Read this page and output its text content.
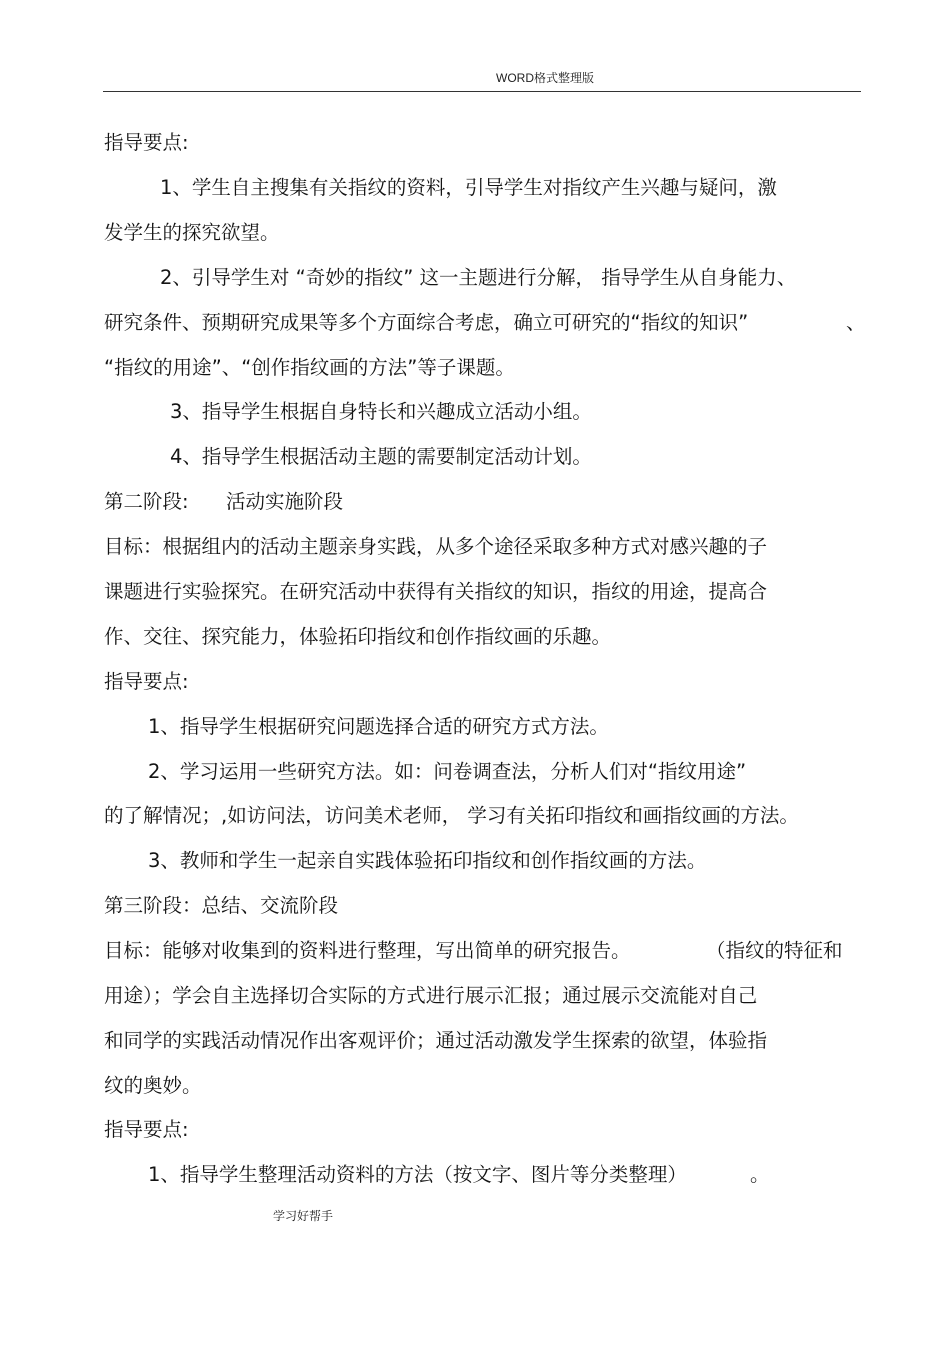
WORD格式整理版
指导要点:
1、学生自主搜集有关指纹的资料，引导学生对指纹产生兴趣与疑问，激
发学生的探究欲望。
2、引导学生对 “奇妙的指纹” 这一主题进行分解， 指导学生从自身能力、
研究条件、预期研究成果等多个方面综合考虑，确立可研究的“指纹的知识”	、
“指纹的用途”、“创作指纹画的方法”等子课题。
3、指导学生根据自身特长和兴趣成立活动小组。
4、指导学生根据活动主题的需要制定活动计划。
第二阶段: 活动实施阶段
目标：根据组内的活动主题亲身实践，从多个途径采取多种方式对感兴趣的子
课题进行实验探究。在研究活动中获得有关指纹的知识，指纹的用途，提高合
作、交往、探究能力，体验拓印指纹和创作指纹画的乐趣。
指导要点:
1、指导学生根据研究问题选择合适的研究方式方法。
2、学习运用一些研究方法。如：问卷调查法，分析人们对“指纹用途”
的了解情况；,如访问法，访问美术老师， 学习有关拓印指纹和画指纹画的方法。
3、教师和学生一起亲自实践体验拓印指纹和创作指纹画的方法。
第三阶段：总结、交流阶段
目标：能够对收集到的资料进行整理，写出简单的研究报告。	（指纹的特征和
用途）；学会自主选择切合实际的方式进行展示汇报；通过展示交流能对自己
和同学的实践活动情况作出客观评价；通过活动激发学生探索的欲望，体验指
纹的奥妙。
指导要点:
1、指导学生整理活动资料的方法（按文字、图片等分类整理）	。
学习好帮手
